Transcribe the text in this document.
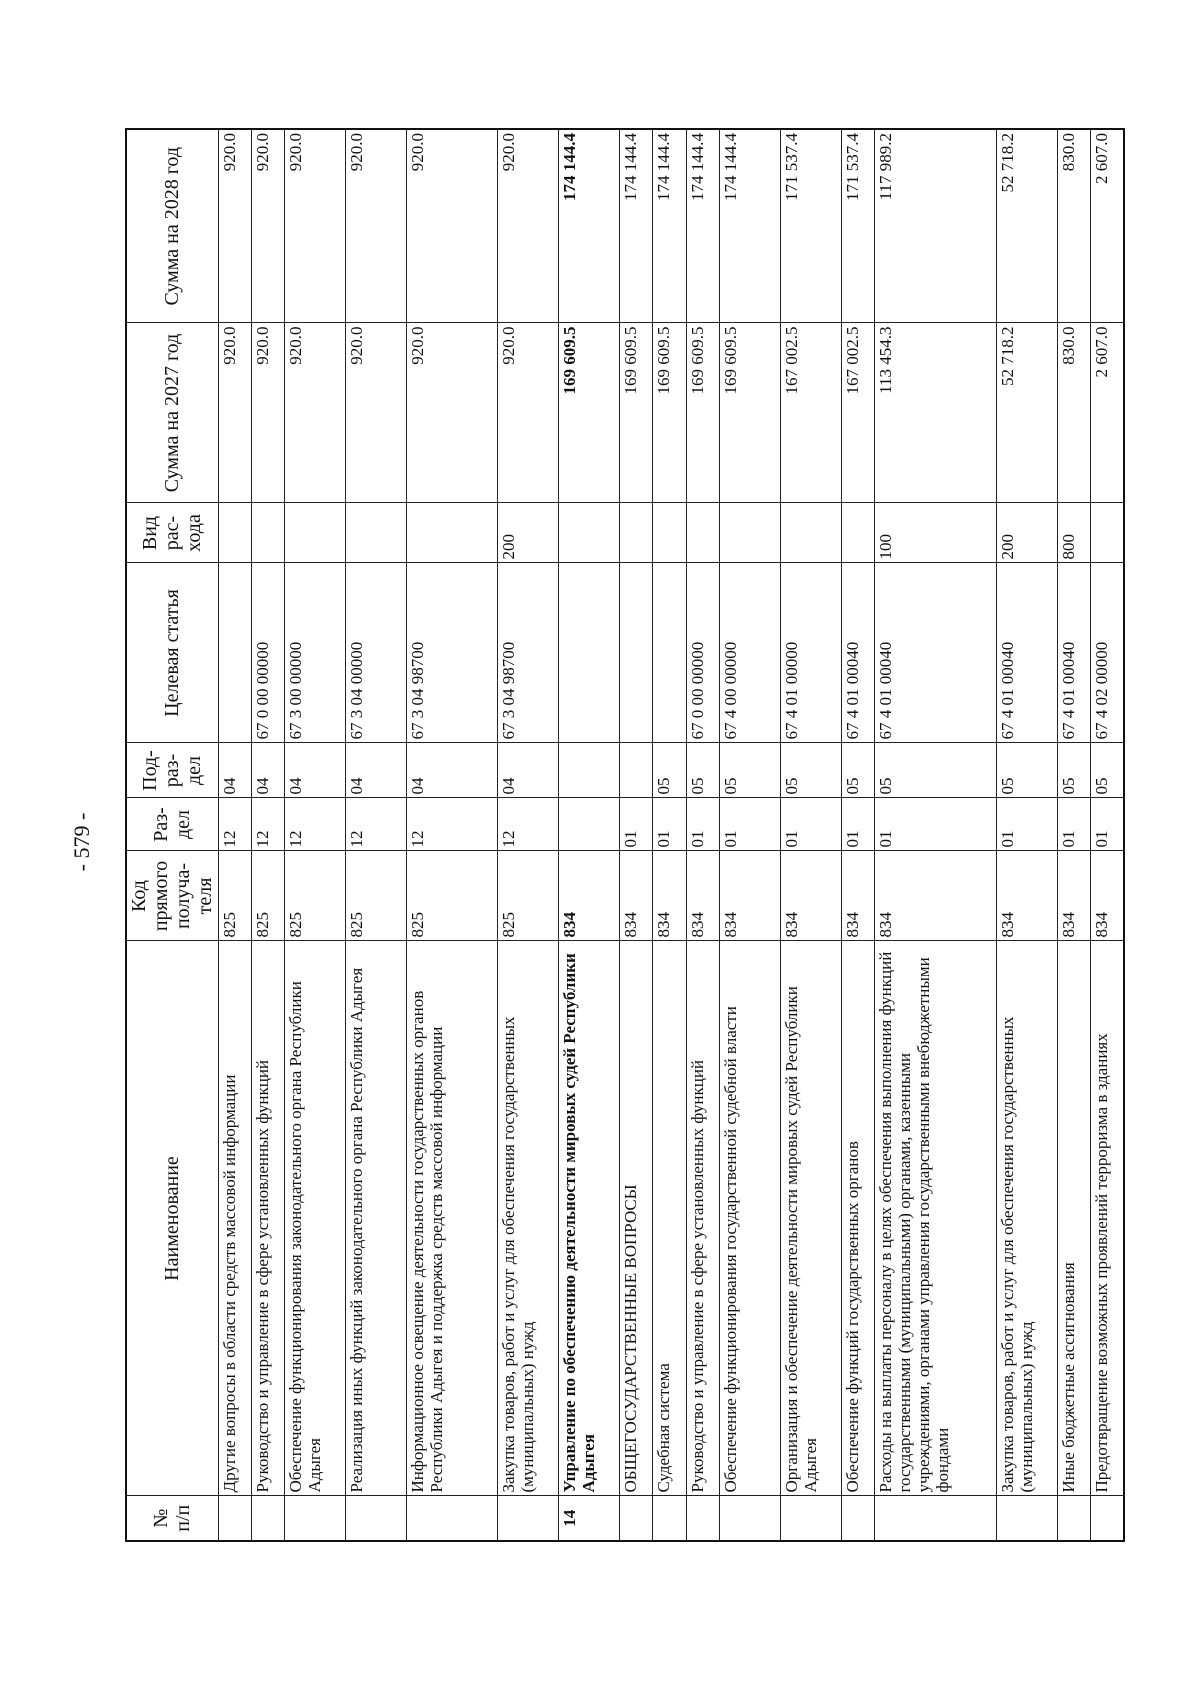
- 579 -
№ п/п	Наименование	Код прямого получа-теля	Раз-дел	Под-раз-дел	Целевая статья	Вид рас-хода	Сумма на 2027 год	Сумма на 2028 год
	Другие вопросы в области средств массовой информации	825	12	04			920.0	920.0
	Руководство и управление в сфере установленных функций	825	12	04	67 0 00 00000		920.0	920.0
	Обеспечение функционирования законодательного органа Республики Адыгея	825	12	04	67 3 00 00000		920.0	920.0
	Реализация иных функций законодательного органа Республики Адыгея	825	12	04	67 3 04 00000		920.0	920.0
	Информационное освещение деятельности государственных органов Республики Адыгея и поддержка средств массовой информации	825	12	04	67 3 04 98700		920.0	920.0
	Закупка товаров, работ и услуг для обеспечения государственных (муниципальных) нужд	825	12	04	67 3 04 98700	200	920.0	920.0
14	Управление по обеспечению деятельности мировых судей Республики Адыгея	834					169 609.5	174 144.4
	ОБЩЕГОСУДАРСТВЕННЫЕ ВОПРОСЫ	834	01				169 609.5	174 144.4
	Судебная система	834	01	05			169 609.5	174 144.4
	Руководство и управление в сфере установленных функций	834	01	05	67 0 00 00000		169 609.5	174 144.4
	Обеспечение функционирования государственной судебной власти	834	01	05	67 4 00 00000		169 609.5	174 144.4
	Организация и обеспечение деятельности мировых судей Республики Адыгея	834	01	05	67 4 01 00000		167 002.5	171 537.4
	Обеспечение функций государственных органов	834	01	05	67 4 01 00040		167 002.5	171 537.4
	Расходы на выплаты персоналу в целях обеспечения выполнения функций государственными (муниципальными) органами, казенными учреждениями, органами управления государственными внебюджетными фондами	834	01	05	67 4 01 00040	100	113 454.3	117 989.2
	Закупка товаров, работ и услуг для обеспечения государственных (муниципальных) нужд	834	01	05	67 4 01 00040	200	52 718.2	52 718.2
	Иные бюджетные ассигнования	834	01	05	67 4 01 00040	800	830.0	830.0
	Предотвращение возможных проявлений терроризма в зданиях	834	01	05	67 4 02 00000		2 607.0	2 607.0
